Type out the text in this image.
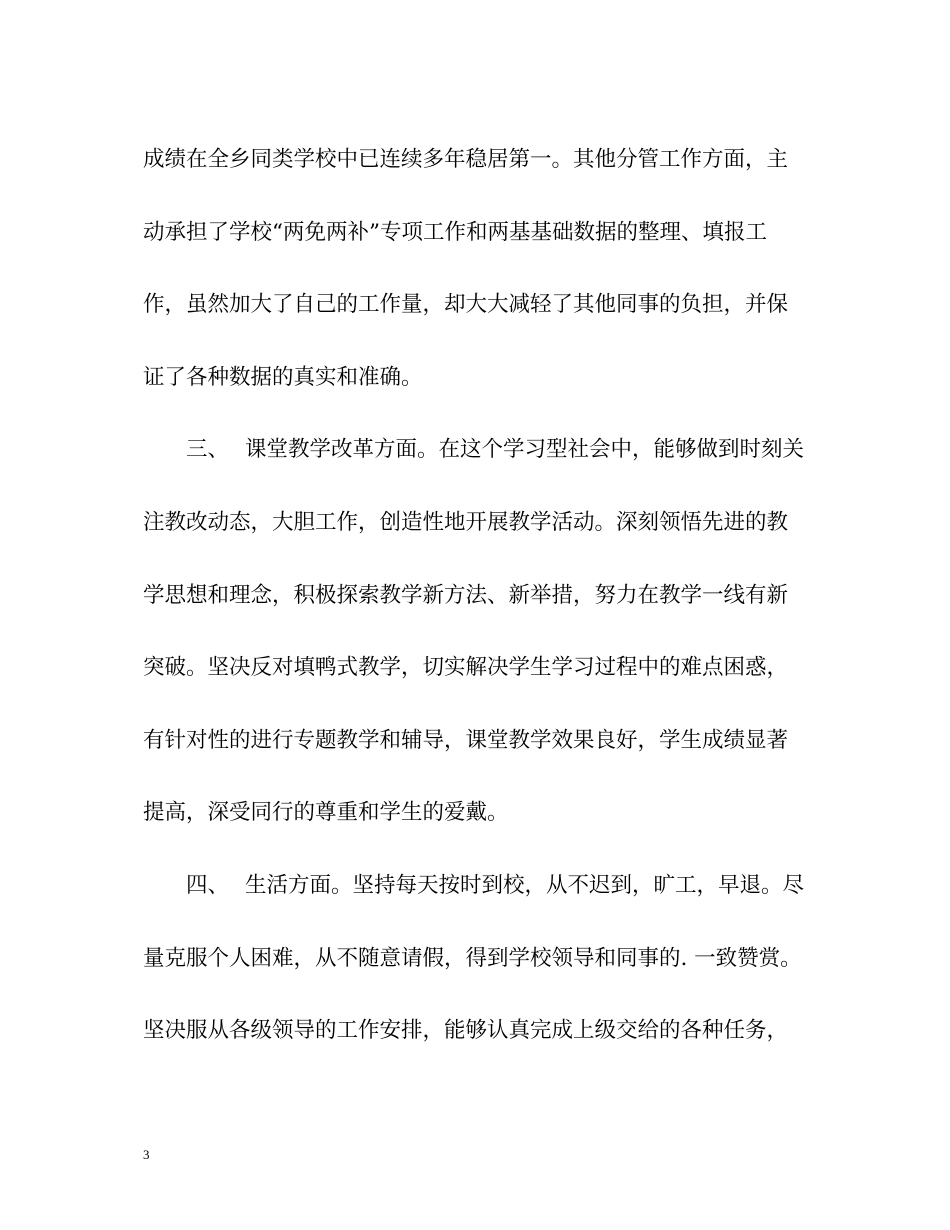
成绩在全乡同类学校中已连续多年稳居第一。其他分管工作方面，主
动承担了学校“两免两补”专项工作和两基基础数据的整理、填报工
作，虽然加大了自己的工作量，却大大减轻了其他同事的负担，并保
证了各种数据的真实和准确。
三、 课堂教学改革方面。在这个学习型社会中，能够做到时刻关
注教改动态，大胆工作，创造性地开展教学活动。深刻领悟先进的教
学思想和理念，积极探索教学新方法、新举措，努力在教学一线有新
突破。坚决反对填鸭式教学，切实解决学生学习过程中的难点困惑，
有针对性的进行专题教学和辅导，课堂教学效果良好，学生成绩显著
提高，深受同行的尊重和学生的爱戴。
四、 生活方面。坚持每天按时到校，从不迟到，旷工，早退。尽
量克服个人困难，从不随意请假，得到学校领导和同事的. 一致赞赏。
坚决服从各级领导的工作安排，能够认真完成上级交给的各种任务，
3
